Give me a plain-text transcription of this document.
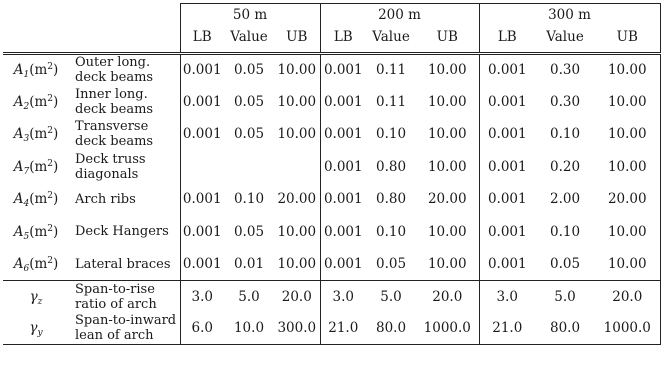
		50 m			200 m			300 m		
		LB	Value	UB	LB	Value	UB	LB	Value	UB
$A_1(m^2)$	Outer long.
deck beams	0.001	0.05	10.00	0.001	0.11	10.00	0.001	0.30	10.00
$A_2(m^2)$	Inner long.
deck beams	0.001	0.05	10.00	0.001	0.11	10.00	0.001	0.30	10.00
$A_3(m^2)$	Transverse
deck beams	0.001	0.05	10.00	0.001	0.10	10.00	0.001	0.10	10.00
$A_7(m^2)$	Deck truss
diagonals				0.001	0.80	10.00	0.001	0.20	10.00
$A_4(m^2)$	Arch ribs	0.001	0.10	20.00	0.001	0.80	20.00	0.001	2.00	20.00
$A_5(m^2)$	Deck Hangers	0.001	0.05	10.00	0.001	0.10	10.00	0.001	0.10	10.00
$A_6(m^2)$	Lateral braces	0.001	0.01	10.00	0.001	0.05	10.00	0.001	0.05	10.00
$\gamma_z$	Span-to-rise
ratio of arch	3.0	5.0	20.0	3.0	5.0	20.0	3.0	5.0	20.0
$\gamma_y$	Span-to-inward
lean of arch	6.0	10.0	300.0	21.0	80.0	1000.0	21.0	80.0	1000.0
